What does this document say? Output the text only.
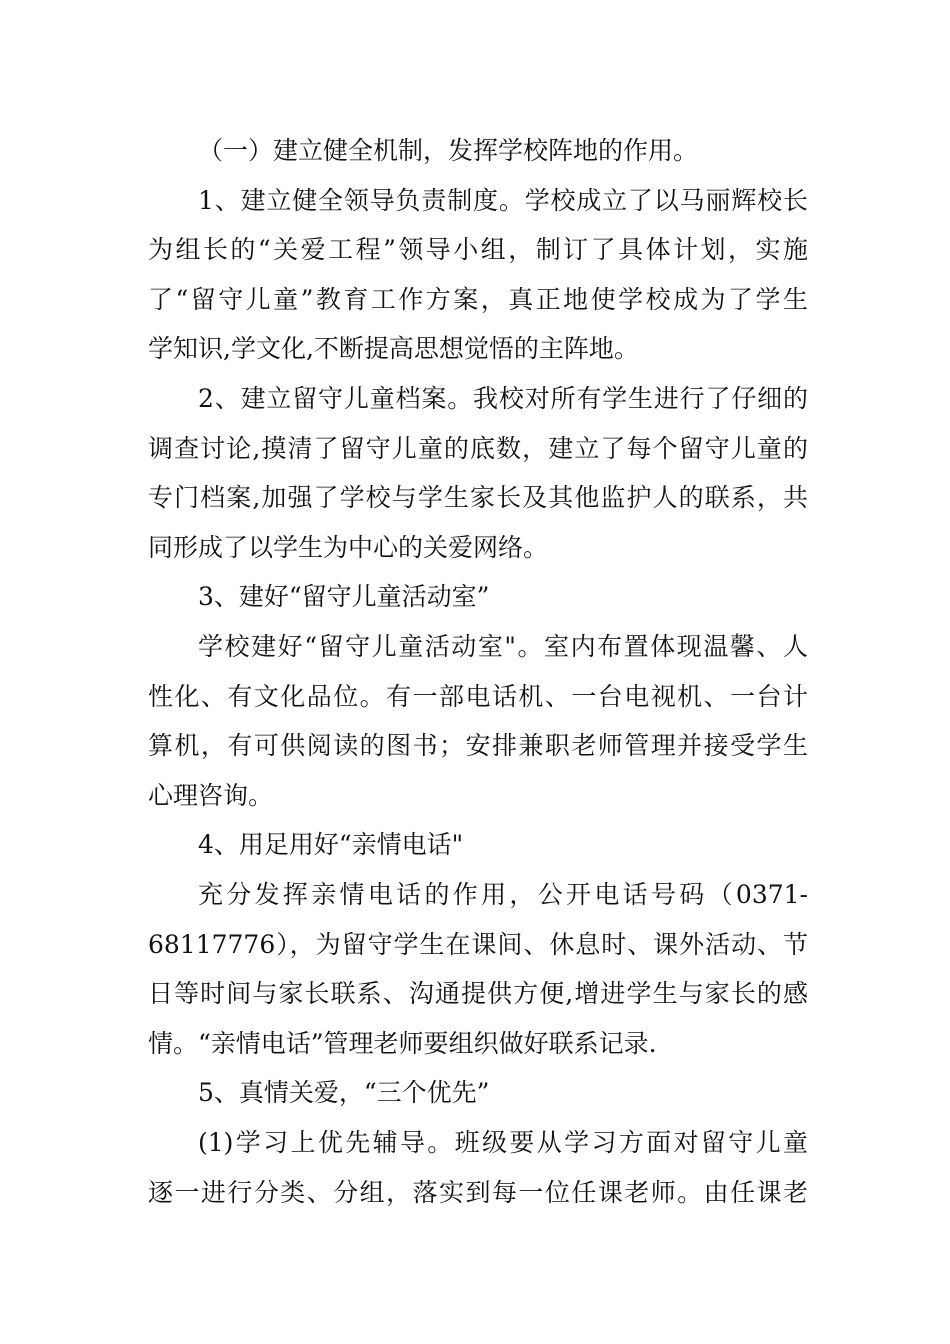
（一）建立健全机制，发挥学校阵地的作用。
1、建立健全领导负责制度。学校成立了以马丽辉校长
为组长的“关爱工程”领导小组，制订了具体计划，实施
了“留守儿童”教育工作方案，真正地使学校成为了学生
学知识,学文化,不断提高思想觉悟的主阵地。
2、建立留守儿童档案。我校对所有学生进行了仔细的
调查讨论,摸清了留守儿童的底数，建立了每个留守儿童的
专门档案,加强了学校与学生家长及其他监护人的联系，共
同形成了以学生为中心的关爱网络。
3、建好“留守儿童活动室”
学校建好“留守儿童活动室"。室内布置体现温馨、人
性化、有文化品位。有一部电话机、一台电视机、一台计
算机，有可供阅读的图书；安排兼职老师管理并接受学生
心理咨询。
4、用足用好“亲情电话"
充分发挥亲情电话的作用，公开电话号码（0371-
68117776），为留守学生在课间、休息时、课外活动、节
日等时间与家长联系、沟通提供方便,增进学生与家长的感
情。“亲情电话”管理老师要组织做好联系记录.
5、真情关爱，“三个优先”
(1)学习上优先辅导。班级要从学习方面对留守儿童
逐一进行分类、分组，落实到每一位任课老师。由任课老
